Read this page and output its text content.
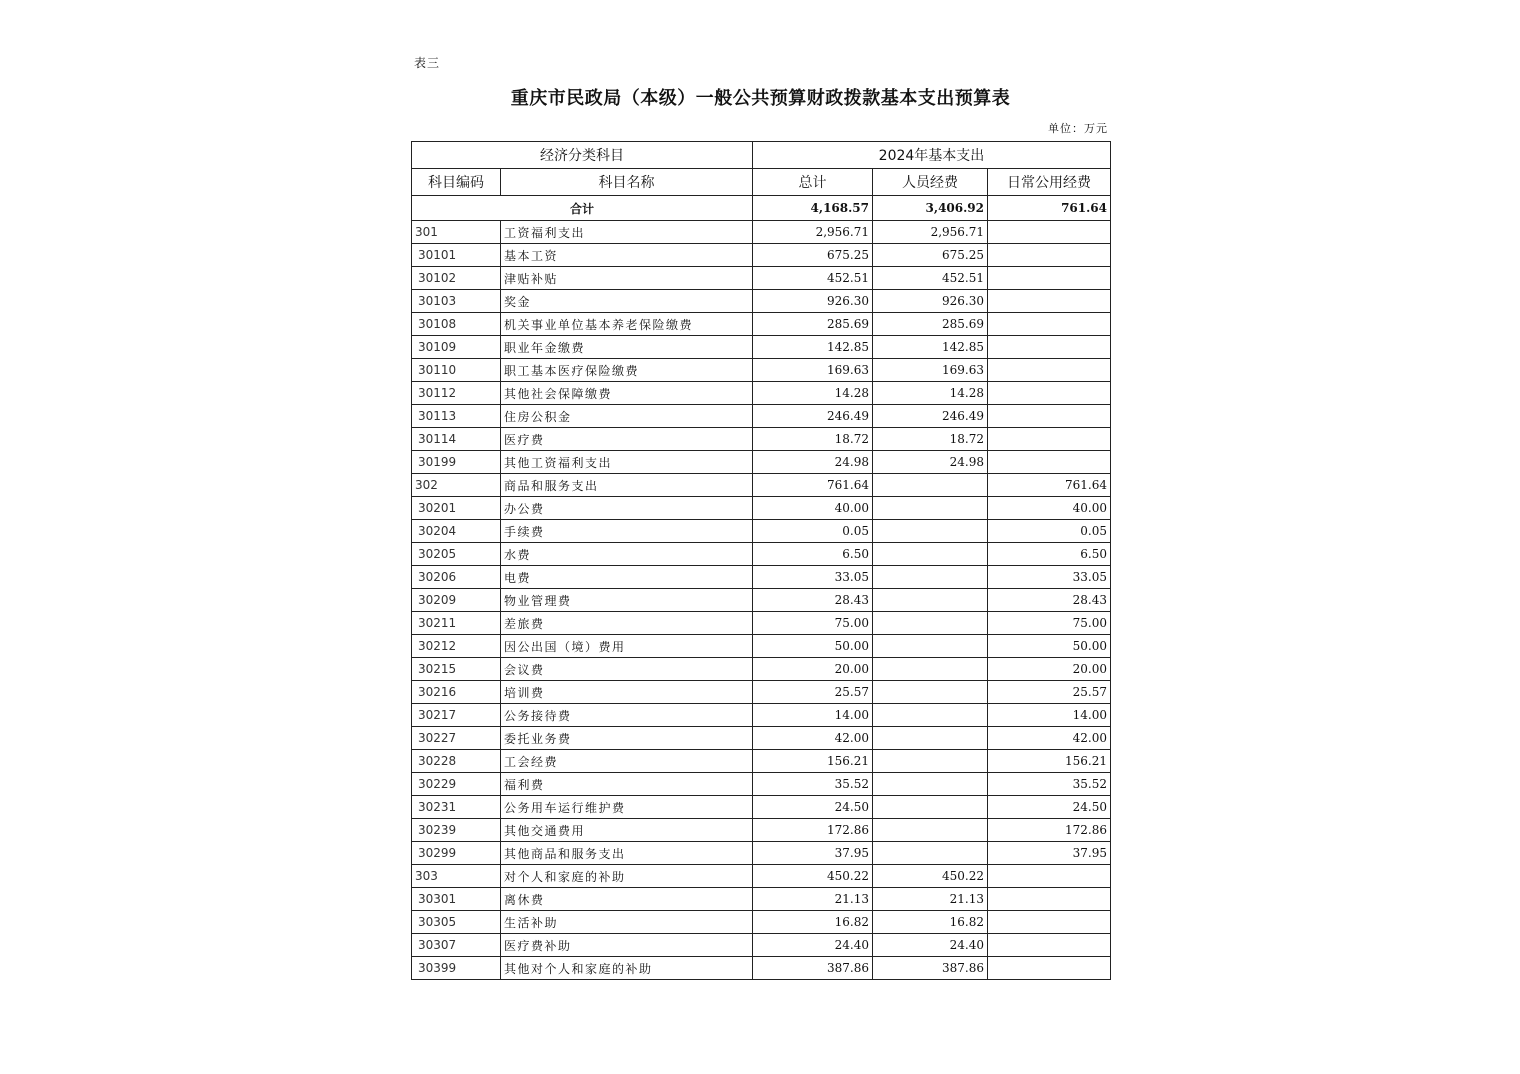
表三
重庆市民政局（本级）一般公共预算财政拨款基本支出预算表
单位：万元
经济分类科目		2024年基本支出		
科目编码	科目名称	总计	人员经费	日常公用经费
合计		4,168.57	3,406.92	761.64
301	工资福利支出	2,956.71	2,956.71	
30101	基本工资	675.25	675.25	
30102	津贴补贴	452.51	452.51	
30103	奖金	926.30	926.30	
30108	机关事业单位基本养老保险缴费	285.69	285.69	
30109	职业年金缴费	142.85	142.85	
30110	职工基本医疗保险缴费	169.63	169.63	
30112	其他社会保障缴费	14.28	14.28	
30113	住房公积金	246.49	246.49	
30114	医疗费	18.72	18.72	
30199	其他工资福利支出	24.98	24.98	
302	商品和服务支出	761.64		761.64
30201	办公费	40.00		40.00
30204	手续费	0.05		0.05
30205	水费	6.50		6.50
30206	电费	33.05		33.05
30209	物业管理费	28.43		28.43
30211	差旅费	75.00		75.00
30212	因公出国（境）费用	50.00		50.00
30215	会议费	20.00		20.00
30216	培训费	25.57		25.57
30217	公务接待费	14.00		14.00
30227	委托业务费	42.00		42.00
30228	工会经费	156.21		156.21
30229	福利费	35.52		35.52
30231	公务用车运行维护费	24.50		24.50
30239	其他交通费用	172.86		172.86
30299	其他商品和服务支出	37.95		37.95
303	对个人和家庭的补助	450.22	450.22	
30301	离休费	21.13	21.13	
30305	生活补助	16.82	16.82	
30307	医疗费补助	24.40	24.40	
30399	其他对个人和家庭的补助	387.86	387.86	
